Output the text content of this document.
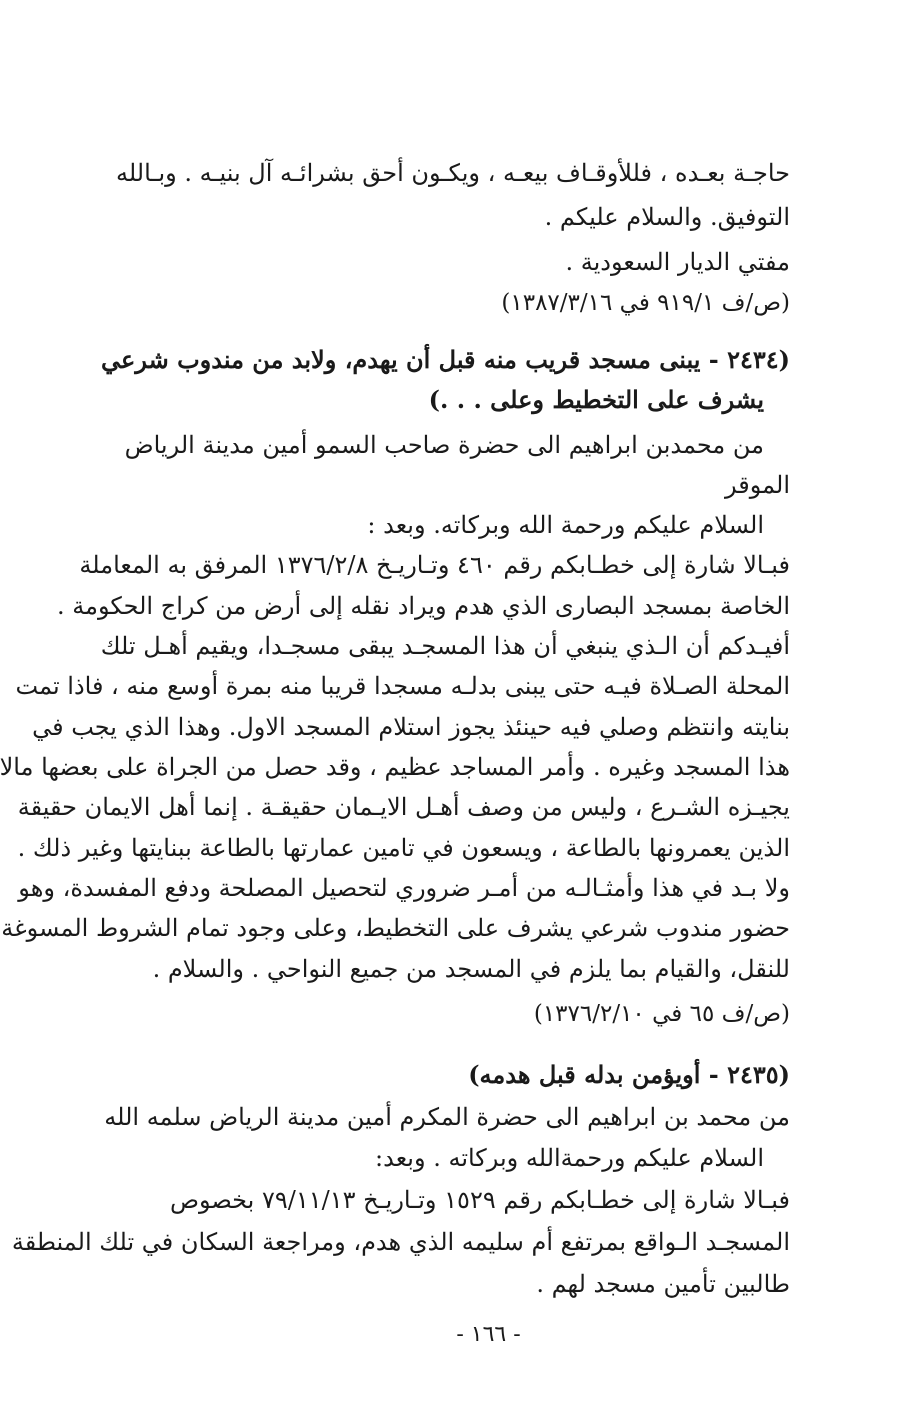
حاجـة بعـده ، فللأوقـاف بيعـه ، ويكـون أحق بشرائـه آل بنيـه . وبـالله
التوفيق. والسلام عليكم .
مفتي الديار السعودية .
(ص/ف ٩١٩/١ في ١٣٨٧/٣/١٦)
(٢٤٣٤ - يبنى مسجد قريب منه قبل أن يهدم، ولابد من مندوب شرعي
يشرف على التخطيط وعلى . . .)
من محمدبن ابراهيم الى حضرة صاحب السمو أمين مدينة الرياض
الموقر
السلام عليكم ورحمة الله وبركاته. وبعد :
فبـالا شارة إلى خطـابكم رقم ٤٦٠ وتـاريـخ ١٣٧٦/٢/٨ المرفق به المعاملة
الخاصة بمسجد البصارى الذي هدم ويراد نقله إلى أرض من كراج الحكومة .
أفيـدكم أن الـذي ينبغي أن هذا المسجـد يبقى مسجـدا، ويقيم أهـل تلك
المحلة الصـلاة فيـه حتى يبنى بدلـه مسجدا قريبا منه بمرة أوسع منه ، فاذا تمت
بنايته وانتظم وصلي فيه حينئذ يجوز استلام المسجد الاول. وهذا الذي يجب في
هذا المسجد وغيره . وأمر المساجد عظيم ، وقد حصل من الجراة على بعضها مالا
يجيـزه الشـرع ، وليس من وصف أهـل الايـمان حقيقـة . إنما أهل الايمان حقيقة
الذين يعمرونها بالطاعة ، ويسعون في تامين عمارتها بالطاعة ببنايتها وغير ذلك .
ولا بـد في هذا وأمثـالـه من أمـر ضروري لتحصيل المصلحة ودفع المفسدة، وهو
حضور مندوب شرعي يشرف على التخطيط، وعلى وجود تمام الشروط المسوغة
للنقل، والقيام بما يلزم في المسجد من جميع النواحي . والسلام .
(ص/ف ٦٥ في ١٣٧٦/٢/١٠)
(٢٤٣٥ - أويؤمن بدله قبل هدمه)
من محمد بن ابراهيم الى حضرة المكرم أمين مدينة الرياض سلمه الله
السلام عليكم ورحمةالله وبركاته . وبعد:
فبـالا شارة إلى خطـابكم رقم ١٥٢٩ وتـاريـخ ٧٩/١١/١٣ بخصوص
المسجـد الـواقع بمرتفع أم سليمه الذي هدم، ومراجعة السكان في تلك المنطقة
طالبين تأمين مسجد لهم .
- ١٦٦ -
